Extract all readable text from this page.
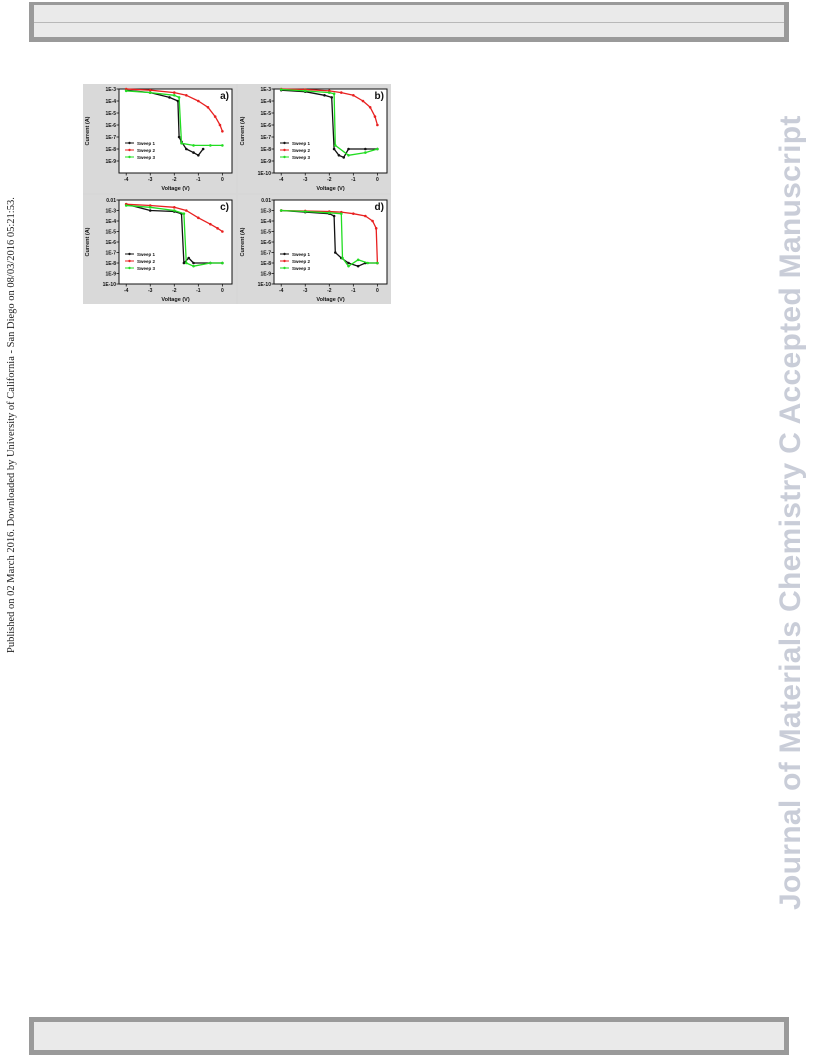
Published on 02 March 2016. Downloaded by University of California - San Diego on 08/03/2016 05:21:53.	Journal of Materials Chemistry C Accepted Manuscript
-4	-3	-2	-1	0
1E-3
1E-4
1E-5
1E-6
1E-7
1E-8
1E-9
Voltage (V)
Current (A)
a)
Sweep 1
Sweep 2
Sweep 3
-4	-3	-2	-1	0
1E-3
1E-4
1E-5
1E-6
1E-7
1E-8
1E-9
1E-10
Voltage (V)
Current (A)
b)
Sweep 1
Sweep 2
Sweep 3
-4	-3	-2	-1	0
0.01
1E-3
1E-4
1E-5
1E-6
1E-7
1E-8
1E-9
1E-10
Voltage (V)
Current (A)
c)
Sweep 1
Sweep 2
Sweep 3
-4	-3	-2	-1	0
0.01
1E-3
1E-4
1E-5
1E-6
1E-7
1E-8
1E-9
1E-10
Voltage (V)
Current (A)
d)
Sweep 1
Sweep 2
Sweep 3
